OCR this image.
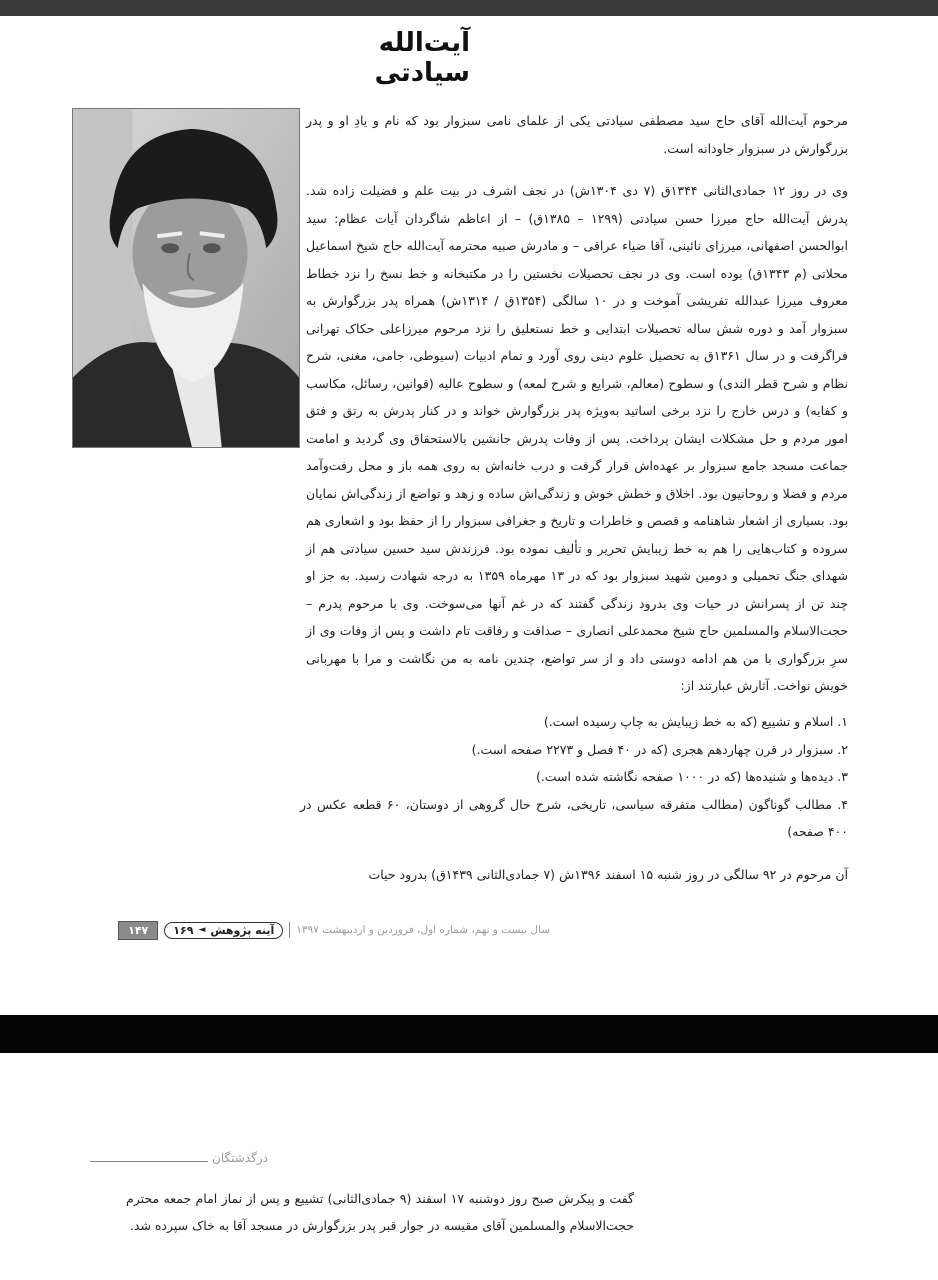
آیت‌الله سیادتی
مرحوم آیت‌الله آقای حاج سید مصطفی سیادتی یکی از علمای نامی سبزوار بود که نام و یادِ او و پدر بزرگوارش در سبزوار جاودانه است.
وی در روز ۱۲ جمادی‌الثانی ۱۳۴۴ق (۷ دی ۱۳۰۴ش) در نجف اشرف در بیت علم و فضیلت زاده شد. پدرش آیت‌الله حاج میرزا حسن سیادتی (۱۲۹۹ – ۱۳۸۵ق) – از اعاظم شاگردان آیات عظام: سید ابوالحسن اصفهانی، میرزای نائینی، آقا ضیاء عراقی – و مادرش صبیه محترمه آیت‌الله حاج شیخ اسماعیل محلاتی (م ۱۳۴۳ق) بوده است. وی در نجف تحصیلات نخستین را در مکتبخانه و خط نسخ را نزد خطاط معروف میرزا عبدالله تفریشی آموخت و در ۱۰ سالگی (۱۳۵۴ق / ۱۳۱۴ش) همراه پدر بزرگوارش به سبزوار آمد و دوره شش ساله تحصیلات ابتدایی و خط نستعلیق را نزد مرحوم میرزاعلی حکاک تهرانی فراگرفت و در سال ۱۳۶۱ق به تحصیل علوم دینی روی آورد و تمام ادبیات (سیوطی، جامی، مغنی، شرح نظام و شرح قطر الندی) و سطوح (معالم، شرایع و شرح لمعه) و سطوح عالیه (قوانین، رسائل، مکاسب و کفایه) و درس خارج را نزد برخی اساتید به‌ویژه پدر بزرگوارش خواند و در کنار پدرش به رتق و فتق امور مردم و حل مشکلات ایشان پرداخت. پس از وفات پدرش جانشین بالاستحقاق وی گردید و امامت جماعت مسجد جامع سبزوار بر عهده‌اش قرار گرفت و درب خانه‌اش به روی همه باز و محل رفت‌وآمد مردم و فضلا و روحانیون بود. اخلاق و خطش خوش و زندگی‌اش ساده و زهد و تواضع از زندگی‌اش نمایان بود. بسیاری از اشعار شاهنامه و قصص و خاطرات و تاریخ و جغرافی سبزوار را از حفظ بود و اشعاری هم سروده و کتاب‌هایی را هم به خط زیبایش تحریر و تألیف نموده بود. فرزندش سید حسین سیادتی هم از شهدای جنگ تحمیلی و دومین شهید سبزوار بود که در ۱۳ مهرماه ۱۳۵۹ به درجه شهادت رسید. به جز او چند تن از پسرانش در حیات وی بدرود زندگی گفتند که در غم آنها می‌سوخت. وی با مرحوم پدرم – حجت‌الاسلام والمسلمین حاج شیخ محمدعلی انصاری – صداقت و رفاقت تام داشت و پس از وفات وی از سرِ بزرگواری با من هم ادامه دوستی داد و از سر تواضع، چندین نامه به من نگاشت و مرا با مهربانی خویش نواخت. آثارش عبارتند از:
۱. اسلام و تشییع (که به خط زیبایش به چاپ رسیده است.)
۲. سبزوار در قرن چهاردهم هجری (که در ۴۰ فصل و ۲۲۷۳ صفحه است.)
۳. دیده‌ها و شنیده‌ها (که در ۱۰۰۰ صفحه نگاشته شده است.)
۴. مطالب گوناگون (مطالب متفرقه سیاسی، تاریخی، شرح حال گروهی از دوستان، ۶۰ قطعه عکس در ۴۰۰ صفحه)
آن مرحوم در ۹۲ سالگی در روز شنبه ۱۵ اسفند ۱۳۹۶ش (۷ جمادی‌الثانی ۱۴۳۹ق) بدرود حیات
سال بیست و نهم، شماره اول، فروردین و اردیبهشت ۱۳۹۷
آینه پژوهش
◄
۱۶۹
۱۴۷
درگذشتگان
گفت و پیکرش صبح روز دوشنبه ۱۷ اسفند (۹ جمادی‌الثانی) تشییع و پس از نماز امام جمعه محترم حجت‌الاسلام والمسلمین آقای مقیسه در جوار قبر پدر بزرگوارش در مسجد آقا به خاک سپرده شد.
